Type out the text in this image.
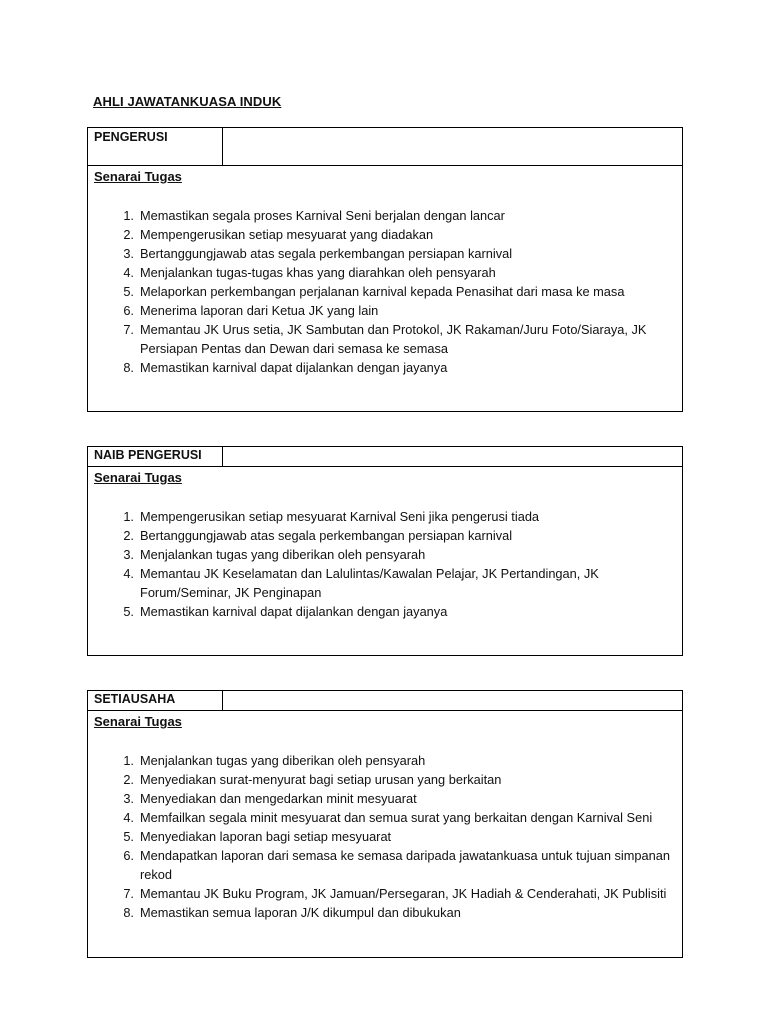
AHLI JAWATANKUASA INDUK
PENGERUSI
Senarai Tugas
1. Memastikan segala proses Karnival Seni berjalan dengan lancar
2. Mempengerusikan setiap mesyuarat yang diadakan
3. Bertanggungjawab atas segala perkembangan persiapan karnival
4. Menjalankan tugas-tugas khas yang diarahkan oleh pensyarah
5. Melaporkan perkembangan perjalanan karnival kepada Penasihat dari masa ke masa
6. Menerima laporan dari Ketua JK yang lain
7. Memantau JK Urus setia, JK Sambutan dan Protokol, JK Rakaman/Juru Foto/Siaraya, JK Persiapan Pentas dan Dewan dari semasa ke semasa
8. Memastikan karnival dapat dijalankan dengan jayanya
NAIB PENGERUSI
Senarai Tugas
1. Mempengerusikan setiap mesyuarat Karnival Seni jika pengerusi tiada
2. Bertanggungjawab atas segala perkembangan persiapan karnival
3. Menjalankan tugas yang diberikan oleh pensyarah
4. Memantau JK Keselamatan dan Lalulintas/Kawalan Pelajar, JK Pertandingan, JK Forum/Seminar, JK Penginapan
5. Memastikan karnival dapat dijalankan dengan jayanya
SETIAUSAHA
Senarai Tugas
1. Menjalankan tugas yang diberikan oleh pensyarah
2. Menyediakan surat-menyurat bagi setiap urusan yang berkaitan
3. Menyediakan dan mengedarkan minit mesyuarat
4. Memfailkan segala minit mesyuarat dan semua surat yang berkaitan dengan Karnival Seni
5. Menyediakan laporan bagi setiap mesyuarat
6. Mendapatkan laporan dari semasa ke semasa daripada jawatankuasa untuk tujuan simpanan rekod
7. Memantau JK Buku Program, JK Jamuan/Persegaran, JK Hadiah & Cenderahati, JK Publisiti
8. Memastikan semua laporan J/K dikumpul dan dibukukan
